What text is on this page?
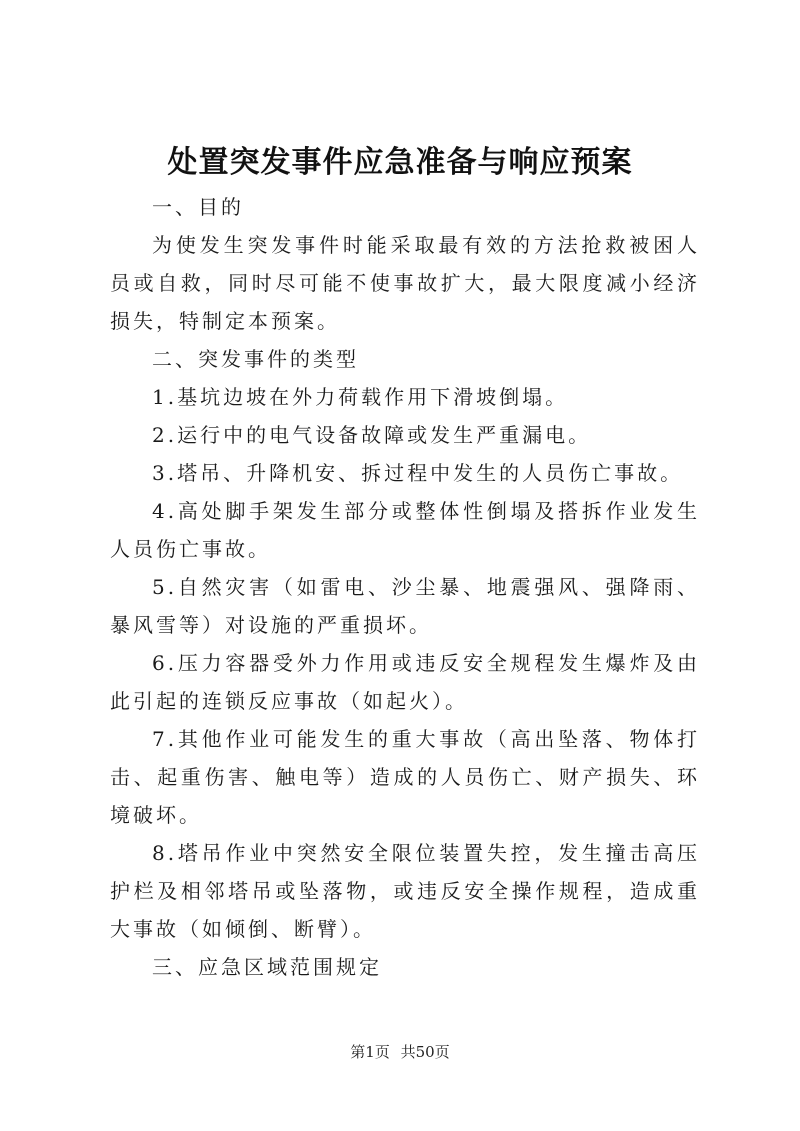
处置突发事件应急准备与响应预案

一、目的

为使发生突发事件时能采取最有效的方法抢救被困人员或自救，同时尽可能不使事故扩大，最大限度减小经济损失，特制定本预案。

二、突发事件的类型

1.基坑边坡在外力荷载作用下滑坡倒塌。

2.运行中的电气设备故障或发生严重漏电。

3.塔吊、升降机安、拆过程中发生的人员伤亡事故。

4.高处脚手架发生部分或整体性倒塌及搭拆作业发生人员伤亡事故。

5.自然灾害（如雷电、沙尘暴、地震强风、强降雨、暴风雪等）对设施的严重损坏。

6.压力容器受外力作用或违反安全规程发生爆炸及由此引起的连锁反应事故（如起火）。

7.其他作业可能发生的重大事故（高出坠落、物体打击、起重伤害、触电等）造成的人员伤亡、财产损失、环境破坏。

8.塔吊作业中突然安全限位装置失控，发生撞击高压护栏及相邻塔吊或坠落物，或违反安全操作规程，造成重大事故（如倾倒、断臂）。

三、应急区域范围规定

第1页 共50页
